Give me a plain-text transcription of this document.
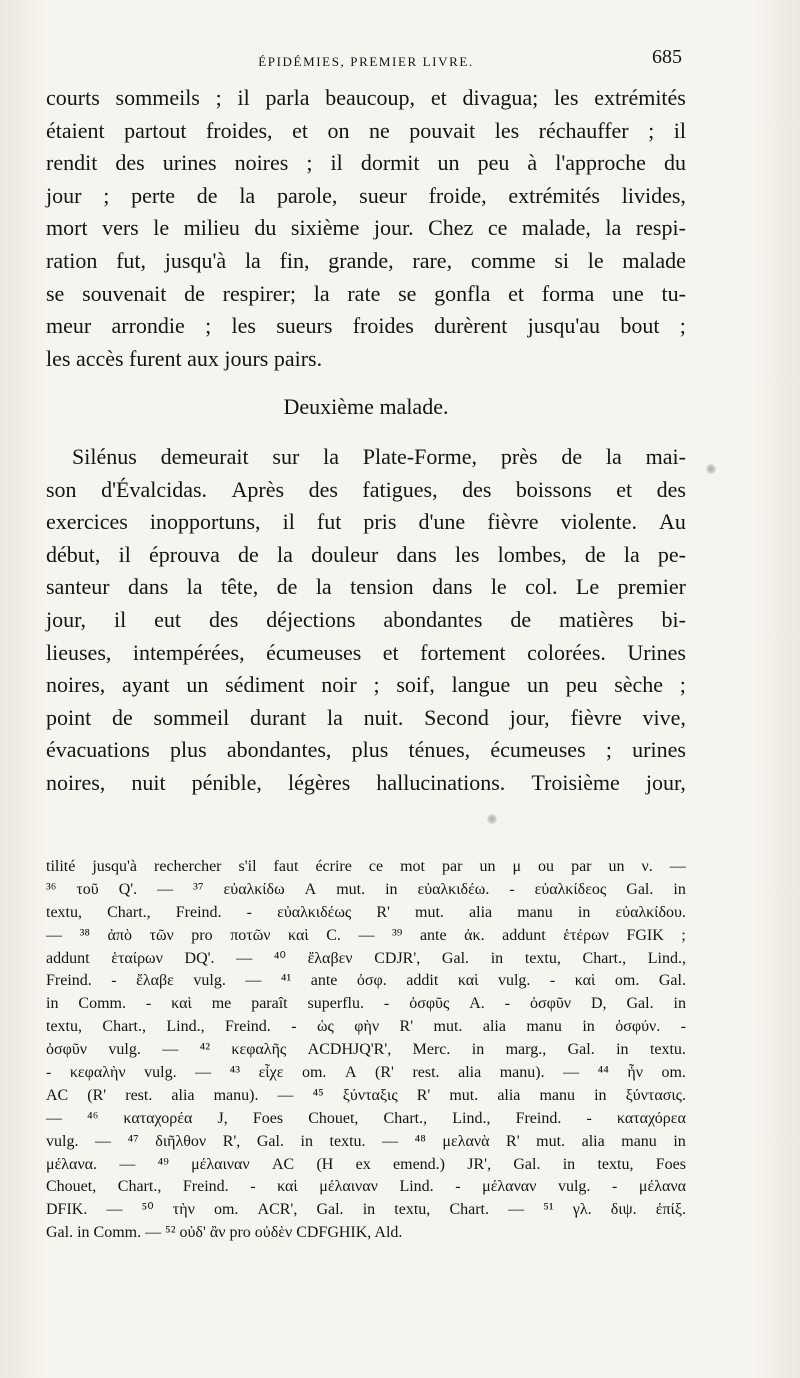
ÉPIDÉMIES, PREMIER LIVRE.	685
courts sommeils ; il parla beaucoup, et divagua; les extrémités
étaient partout froides, et on ne pouvait les réchauffer ; il
rendit des urines noires ; il dormit un peu à l'approche du
jour ; perte de la parole, sueur froide, extrémités livides,
mort vers le milieu du sixième jour. Chez ce malade, la respi-
ration fut, jusqu'à la fin, grande, rare, comme si le malade
se souvenait de respirer; la rate se gonfla et forma une tu-
meur arrondie ; les sueurs froides durèrent jusqu'au bout ;
les accès furent aux jours pairs.
Deuxième malade.
Silénus demeurait sur la Plate-Forme, près de la mai-
son d'Évalcidas. Après des fatigues, des boissons et des
exercices inopportuns, il fut pris d'une fièvre violente. Au
début, il éprouva de la douleur dans les lombes, de la pe-
santeur dans la tête, de la tension dans le col. Le premier
jour, il eut des déjections abondantes de matières bi-
lieuses, intempérées, écumeuses et fortement colorées. Urines
noires, ayant un sédiment noir ; soif, langue un peu sèche ;
point de sommeil durant la nuit. Second jour, fièvre vive,
évacuations plus abondantes, plus ténues, écumeuses ; urines
noires, nuit pénible, légères hallucinations. Troisième jour,
tilité jusqu'à rechercher s'il faut écrire ce mot par un μ ou par un ν. —
³⁶ τοῦ Q'. — ³⁷ εὐαλκίδω A mut. in εὐαλκιδέω. - εὐαλκίδεος Gal. in
textu, Chart., Freind. - εὐαλκιδέως R' mut. alia manu in εὐαλκίδου.
— ³⁸ ἀπὸ τῶν pro ποτῶν καὶ C. — ³⁹ ante ἀκ. addunt ἑτέρων FGIK ;
addunt ἑταίρων DQ'. — ⁴⁰ ἔλαβεν CDJR', Gal. in textu, Chart., Lind.,
Freind. - ἔλαβε vulg. — ⁴¹ ante ὀσφ. addit καὶ vulg. - καὶ om. Gal.
in Comm. - καὶ me paraît superflu. - ὀσφῦς A. - ὀσφῦν D, Gal. in
textu, Chart., Lind., Freind. - ὡς φὴν R' mut. alia manu in ὀσφύν. -
ὀσφῦν vulg. — ⁴² κεφαλῆς ACDHJQ'R', Merc. in marg., Gal. in textu.
- κεφαλὴν vulg. — ⁴³ εἶχε om. A (R' rest. alia manu). — ⁴⁴ ἦν om.
AC (R' rest. alia manu). — ⁴⁵ ξύνταξις R' mut. alia manu in ξύντασις.
— ⁴⁶ καταχορέα J, Foes Chouet, Chart., Lind., Freind. - καταχόρεα
vulg. — ⁴⁷ διῆλθον R', Gal. in textu. — ⁴⁸ μελανὰ R' mut. alia manu in
μέλανα. — ⁴⁹ μέλαιναν AC (H ex emend.) JR', Gal. in textu, Foes
Chouet, Chart., Freind. - καὶ μέλαιναν Lind. - μέλαναν vulg. - μέλανα
DFIK. — ⁵⁰ τὴν om. ACR', Gal. in textu, Chart. — ⁵¹ γλ. διψ. ἐπίξ.
Gal. in Comm. — ⁵² οὐδ' ἂν pro οὐδὲν CDFGHIK, Ald.
